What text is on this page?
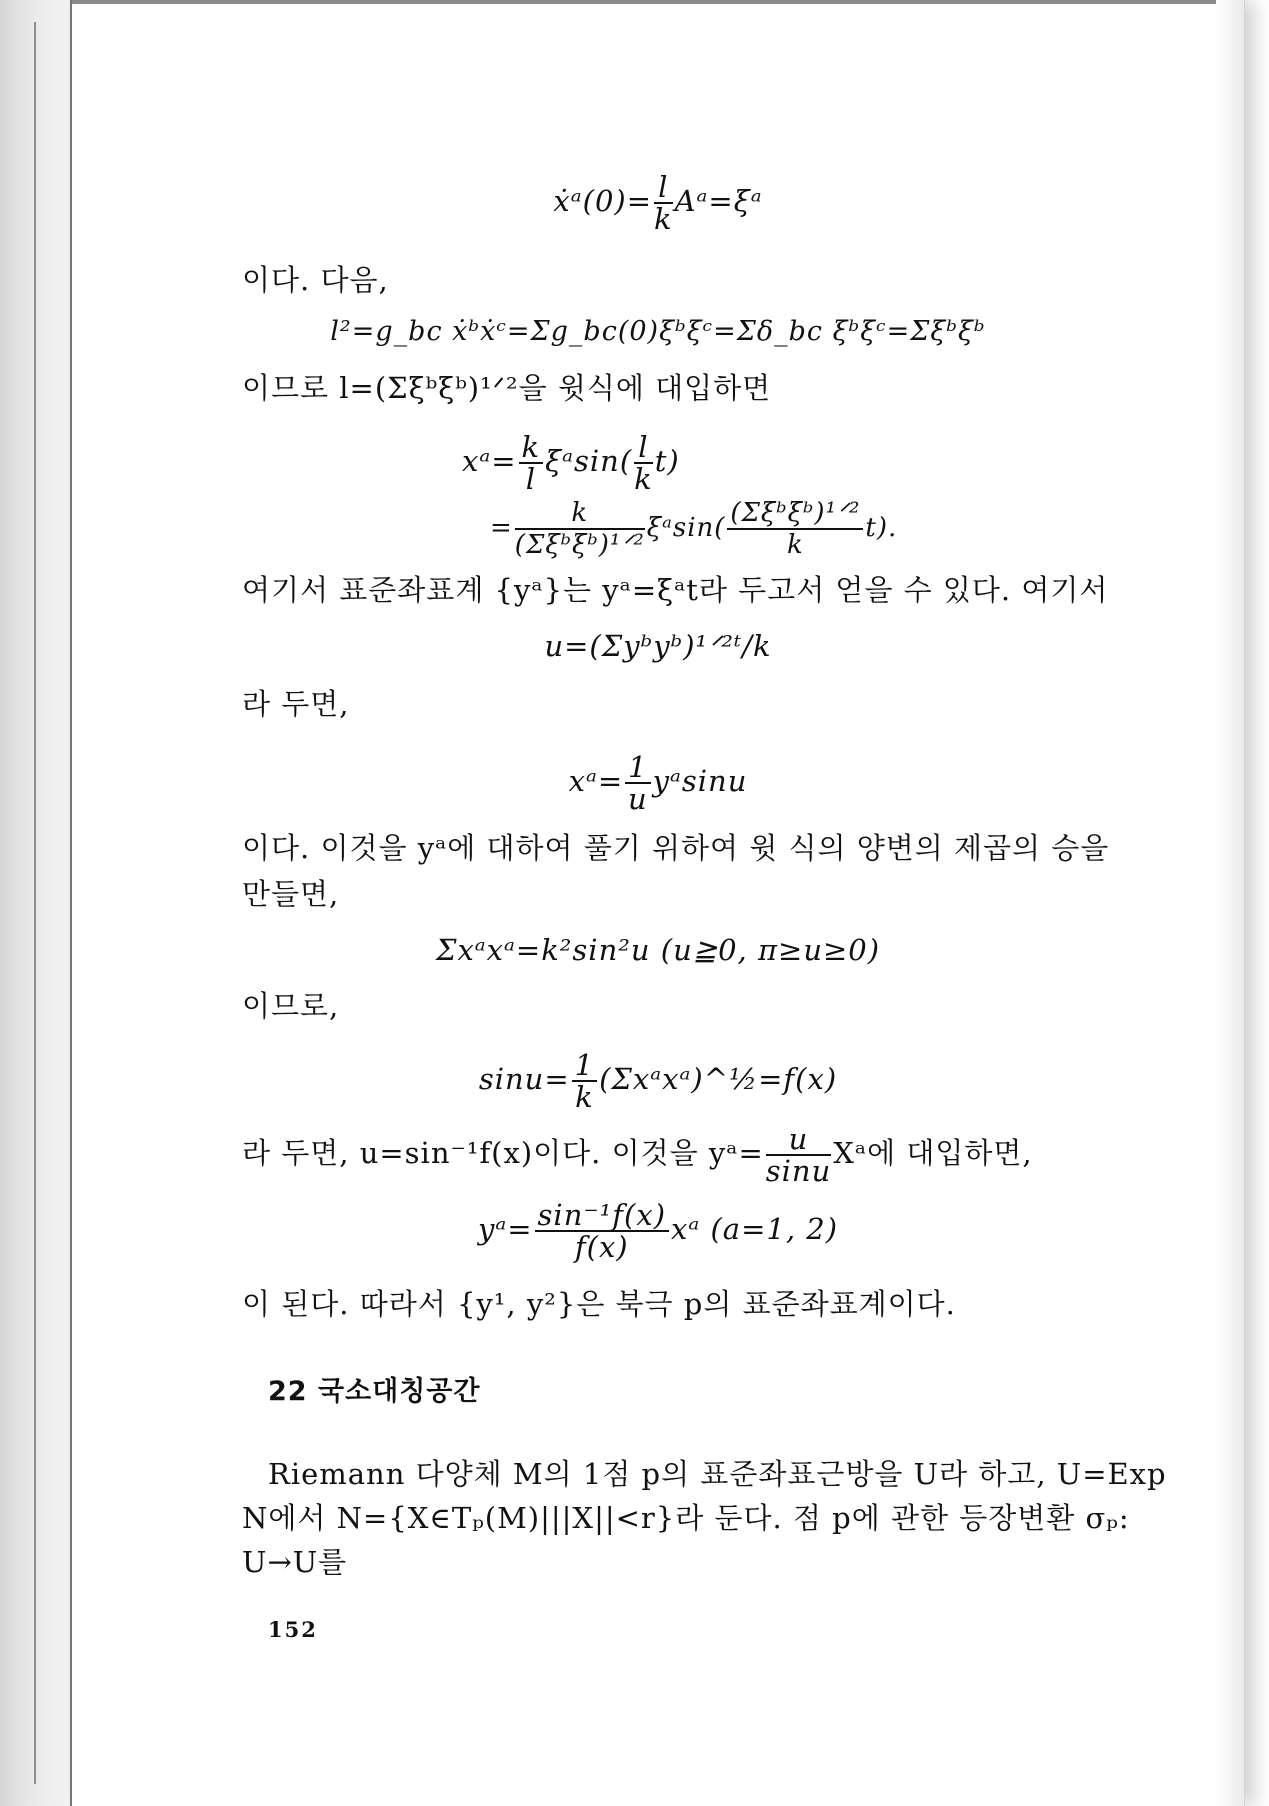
ẋᵃ(0)= $\frac{l}{k}$ Aᵃ=ξᵃ
이다. 다음,
l²=g_bc ẋᵇẋᶜ=Σg_bc(0)ξᵇξᶜ=Σδ_bc ξᵇξᶜ=Σξᵇξᵇ
이므로 l=(Σξᵇξᵇ)¹ᐟ²을 윗식에 대입하면
xᵃ= $\frac{k}{l}$ ξᵃsin( $\frac{l}{k} t$)
= $\frac{k}{\text{(Σξᵇξᵇ)¹ᐟ²}}$ ξᵃsin( $\frac{\text{(Σξᵇξᵇ)¹ᐟ²}}{k} t$).
여기서 표준좌표계 {yᵃ}는 yᵃ=ξᵃt라 두고서 얻을 수 있다. 여기서
u=(Σyᵇyᵇ)¹ᐟ²ᵗ/k
라 두면,
xᵃ= $\frac{1}{u}$ yᵃsinu
이다. 이것을 yᵃ에 대하여 풀기 위하여 윗 식의 양변의 제곱의 승을
만들면,
Σxᵃxᵃ=k²sin²u (u≧0, π≥u≥0)
이므로,
$\sin u= \frac{1}{k}$ (Σxᵃxᵃ)^½=f(x)
라 두면, u=sin⁻¹f(x)이다. 이것을 yᵃ= $\frac{u}{\sin u}$ Xᵃ에 대입하면,
yᵃ= $\frac{\text{sin⁻¹f(x)}}{f(x)}$ xᵃ (a=1, 2)
이 된다. 따라서 {y¹, y²}은 북극 p의 표준좌표계이다.
22 국소대칭공간
Riemann 다양체 M의 1점 p의 표준좌표근방을 U라 하고, U=Exp
N에서 N={X∈Tₚ(M)|||X||<r}라 둔다. 점 p에 관한 등장변환 σₚ:
U→U를
152
